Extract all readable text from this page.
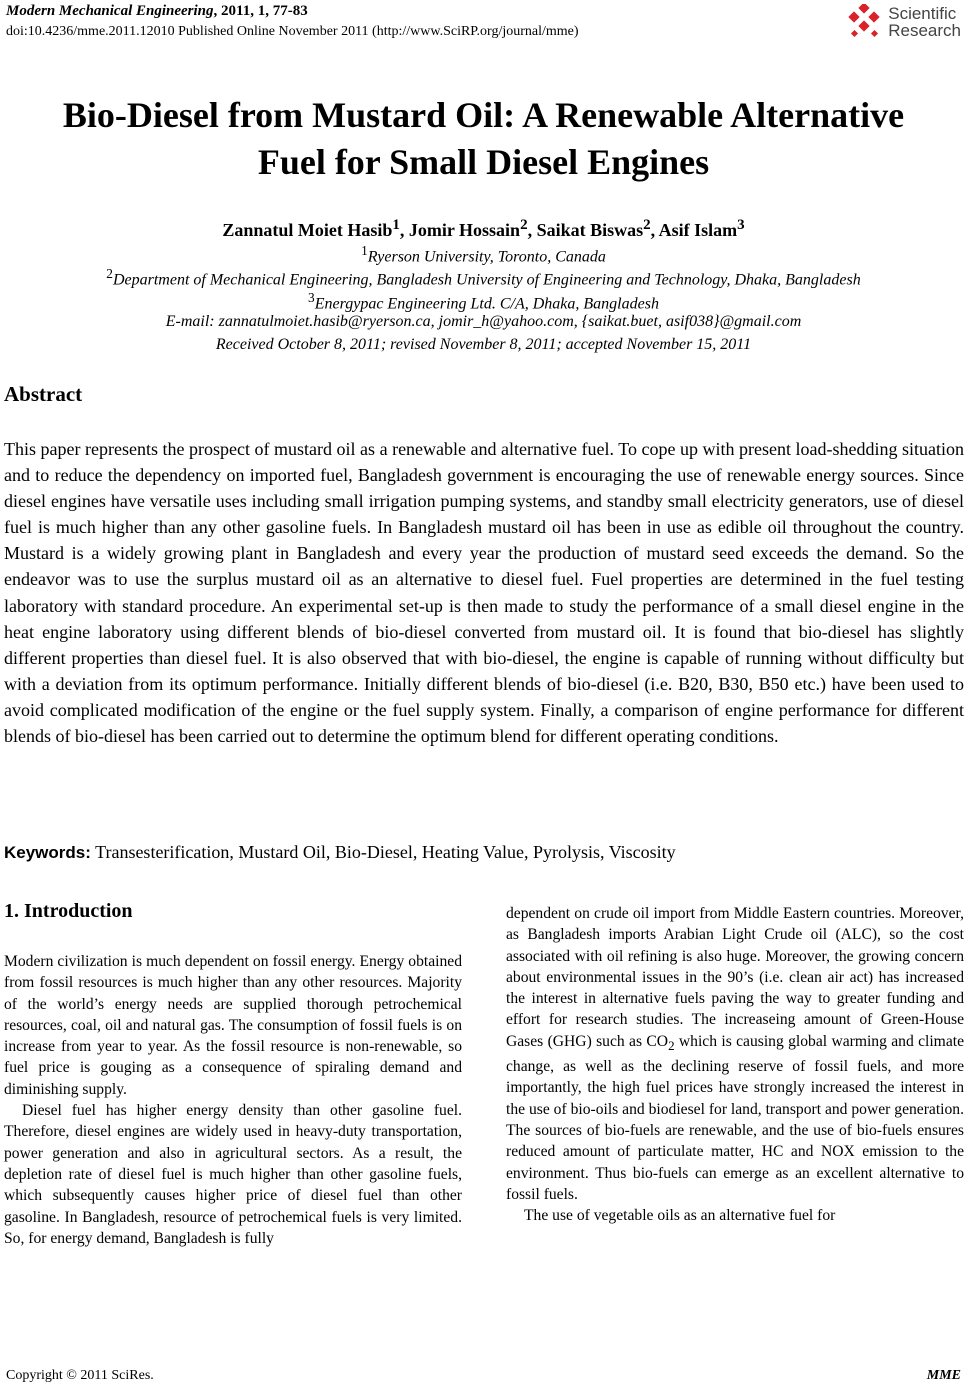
Modern Mechanical Engineering, 2011, 1, 77-83
doi:10.4236/mme.2011.12010 Published Online November 2011 (http://www.SciRP.org/journal/mme)
Scientific
Research
Bio-Diesel from Mustard Oil: A Renewable Alternative
Fuel for Small Diesel Engines
Zannatul Moiet Hasib$^1$, Jomir Hossain$^2$, Saikat Biswas$^2$, Asif Islam$^3$
$^1$Ryerson University, Toronto, Canada
$^2$Department of Mechanical Engineering, Bangladesh University of Engineering and Technology, Dhaka, Bangladesh
$^3$Energypac Engineering Ltd. C/A, Dhaka, Bangladesh
E-mail: zannatulmoiet.hasib@ryerson.ca, jomir_h@yahoo.com, {saikat.buet, asif038}@gmail.com
Received October 8, 2011; revised November 8, 2011; accepted November 15, 2011
Abstract
This paper represents the prospect of mustard oil as a renewable and alternative fuel. To cope up with present load-shedding situation and to reduce the dependency on imported fuel, Bangladesh government is encouraging the use of renewable energy sources. Since diesel engines have versatile uses including small irrigation pumping systems, and standby small electricity generators, use of diesel fuel is much higher than any other gasoline fuels. In Bangladesh mustard oil has been in use as edible oil throughout the country. Mustard is a widely growing plant in Bangladesh and every year the production of mustard seed exceeds the demand. So the endeavor was to use the surplus mustard oil as an alternative to diesel fuel. Fuel properties are determined in the fuel testing laboratory with standard procedure. An experimental set-up is then made to study the performance of a small diesel engine in the heat engine laboratory using different blends of bio-diesel converted from mustard oil. It is found that bio-diesel has slightly different properties than diesel fuel. It is also observed that with bio-diesel, the engine is capable of running without difficulty but with a deviation from its optimum performance. Initially different blends of bio-diesel (i.e. B20, B30, B50 etc.) have been used to avoid complicated modification of the engine or the fuel supply system. Finally, a comparison of engine performance for different blends of bio-diesel has been carried out to determine the optimum blend for different operating conditions.
Keywords: Transesterification, Mustard Oil, Bio-Diesel, Heating Value, Pyrolysis, Viscosity
1. Introduction

Modern civilization is much dependent on fossil energy. Energy obtained from fossil resources is much higher than any other resources. Majority of the world’s energy needs are supplied thorough petrochemical resources, coal, oil and natural gas. The consumption of fossil fuels is on increase from year to year. As the fossil resource is non-renewable, so fuel price is gouging as a consequence of spiraling demand and diminishing supply.

Diesel fuel has higher energy density than other gasoline fuel. Therefore, diesel engines are widely used in heavy-duty transportation, power generation and also in agricultural sectors. As a result, the depletion rate of diesel fuel is much higher than other gasoline fuels, which subsequently causes higher price of diesel fuel than other gasoline. In Bangladesh, resource of petrochemical fuels is very limited. So, for energy demand, Bangladesh is fully

dependent on crude oil import from Middle Eastern countries. Moreover, as Bangladesh imports Arabian Light Crude oil (ALC), so the cost associated with oil refining is also huge. Moreover, the growing concern about environmental issues in the 90’s (i.e. clean air act) has increased the interest in alternative fuels paving the way to greater funding and effort for research studies. The increaseing amount of Green-House Gases (GHG) such as $CO_2$ which is causing global warming and climate change, as well as the declining reserve of fossil fuels, and more importantly, the high fuel prices have strongly increased the interest in the use of bio-oils and biodiesel for land, transport and power generation. The sources of bio-fuels are renewable, and the use of bio-fuels ensures reduced amount of particulate matter, HC and NOX emission to the environment. Thus bio-fuels can emerge as an excellent alternative to fossil fuels.

The use of vegetable oils as an alternative fuel for

Copyright © 2011 SciRes.	MME
